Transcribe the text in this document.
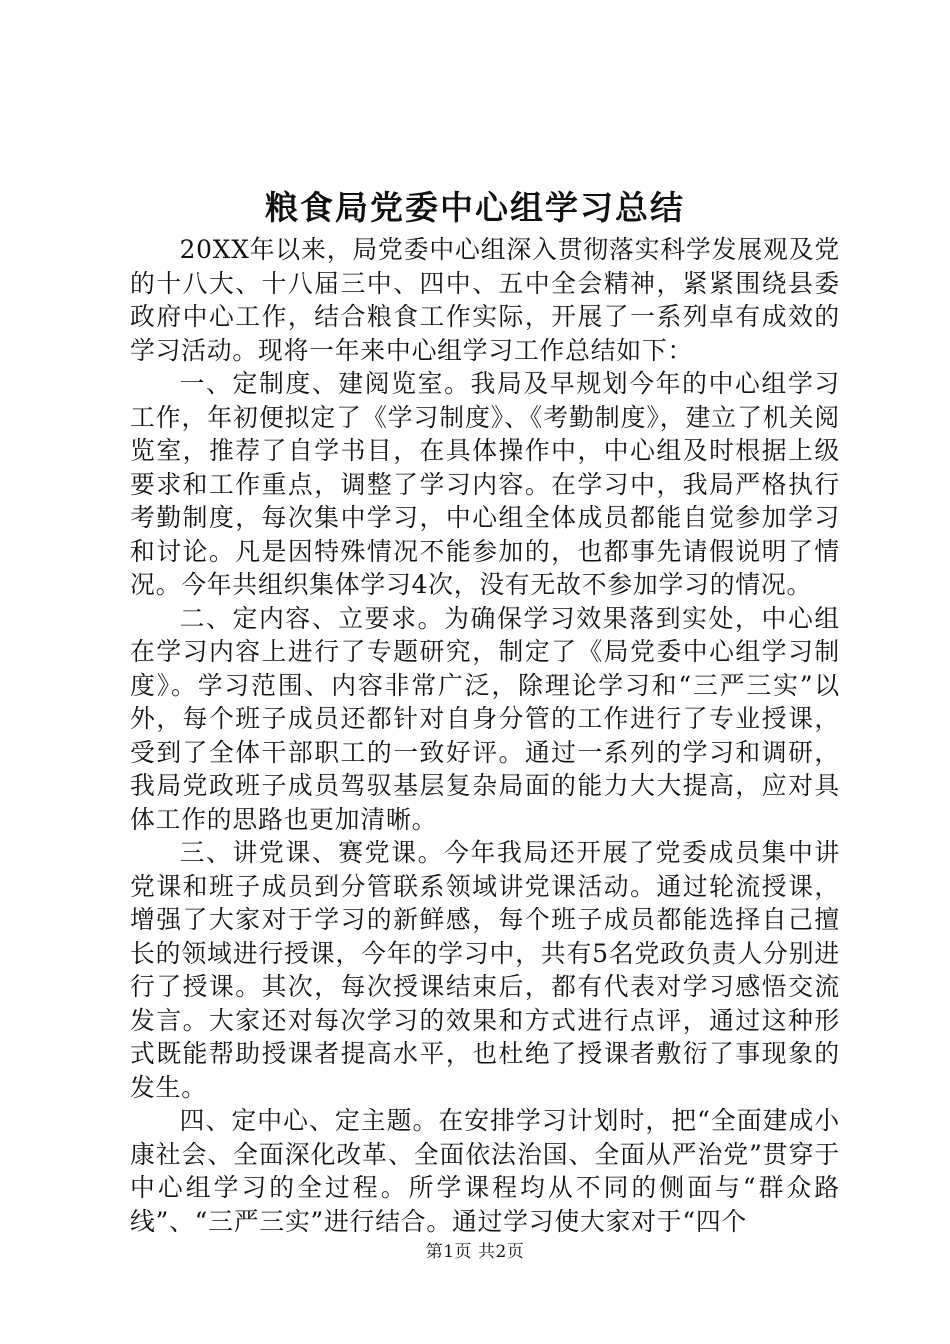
粮食局党委中心组学习总结

20XX年以来，局党委中心组深入贯彻落实科学发展观及党的十八大、十八届三中、四中、五中全会精神，紧紧围绕县委政府中心工作，结合粮食工作实际，开展了一系列卓有成效的学习活动。现将一年来中心组学习工作总结如下：

一、定制度、建阅览室。我局及早规划今年的中心组学习工作，年初便拟定了《学习制度》、《考勤制度》，建立了机关阅览室，推荐了自学书目，在具体操作中，中心组及时根据上级要求和工作重点，调整了学习内容。在学习中，我局严格执行考勤制度，每次集中学习，中心组全体成员都能自觉参加学习和讨论。凡是因特殊情况不能参加的，也都事先请假说明了情况。今年共组织集体学习4次，没有无故不参加学习的情况。

二、定内容、立要求。为确保学习效果落到实处，中心组在学习内容上进行了专题研究，制定了《局党委中心组学习制度》。学习范围、内容非常广泛，除理论学习和“三严三实”以外，每个班子成员还都针对自身分管的工作进行了专业授课，受到了全体干部职工的一致好评。通过一系列的学习和调研，我局党政班子成员驾驭基层复杂局面的能力大大提高，应对具体工作的思路也更加清晰。

三、讲党课、赛党课。今年我局还开展了党委成员集中讲党课和班子成员到分管联系领域讲党课活动。通过轮流授课，增强了大家对于学习的新鲜感，每个班子成员都能选择自己擅长的领域进行授课，今年的学习中，共有5名党政负责人分别进行了授课。其次，每次授课结束后，都有代表对学习感悟交流发言。大家还对每次学习的效果和方式进行点评，通过这种形式既能帮助授课者提高水平，也杜绝了授课者敷衍了事现象的发生。

四、定中心、定主题。在安排学习计划时，把“全面建成小康社会、全面深化改革、全面依法治国、全面从严治党”贯穿于中心组学习的全过程。所学课程均从不同的侧面与“群众路线”、“三严三实”进行结合。通过学习使大家对于“四个

第1页 共2页
